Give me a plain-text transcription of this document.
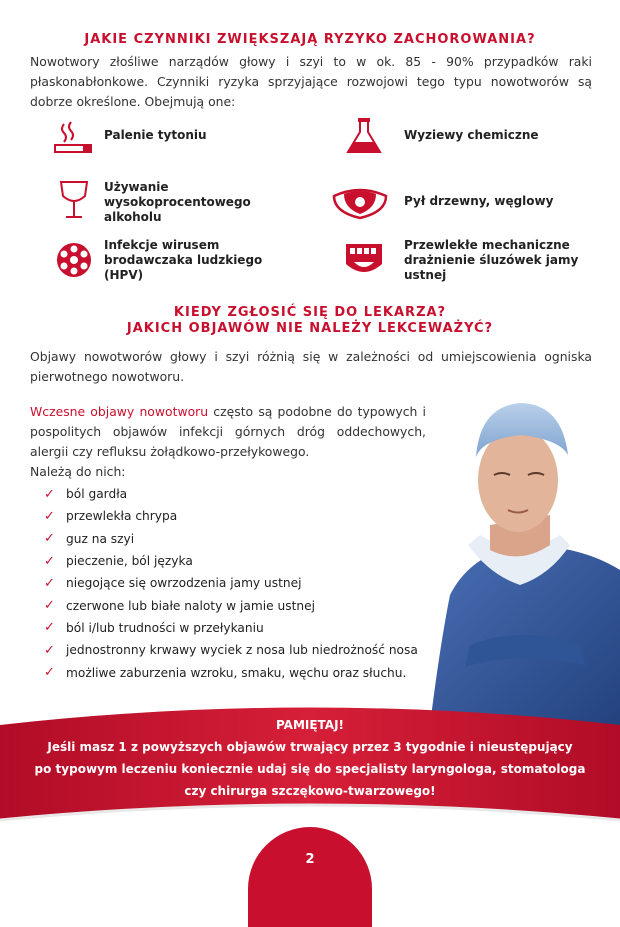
JAKIE CZYNNIKI ZWIĘKSZAJĄ RYZYKO ZACHOROWANIA?

Nowotwory złośliwe narządów głowy i szyi to w ok. 85 - 90% przypadków raki płaskonabłonkowe. Czynniki ryzyka sprzyjające rozwojowi tego typu nowotworów są dobrze określone. Obejmują one:

Palenie tytoniu	Wyziewy chemiczne

Używanie wysokoprocentowego alkoholu

Pył drzewny, węglowy

Infekcje wirusem brodawczaka ludzkiego (HPV)

Przewlekłe mechaniczne drażnienie śluzówek jamy ustnej

KIEDY ZGŁOSIĆ SIĘ DO LEKARZA?
JAKICH OBJAWÓW NIE NALEŻY LEKCEWAŻYĆ?

Objawy nowotworów głowy i szyi różnią się w zależności od umiejscowienia ogniska pierwotnego nowotworu.

Wczesne objawy nowotworu często są podobne do typowych i pospolitych objawów infekcji górnych dróg oddechowych, alergii czy refluksu żołądkowo-przełykowego.

Należą do nich:

✓ ból gardła
✓ przewlekła chrypa
✓ guz na szyi
✓ pieczenie, ból języka
✓ niegojące się owrzodzenia jamy ustnej
✓ czerwone lub białe naloty w jamie ustnej
✓ ból i/lub trudności w przełykaniu
✓ jednostronny krwawy wyciek z nosa lub niedrożność nosa
✓ możliwe zaburzenia wzroku, smaku, węchu oraz słuchu.

PAMIĘTAJ!

Jeśli masz 1 z powyższych objawów trwający przez 3 tygodnie i nieustępujący

po typowym leczeniu koniecznie udaj się do specjalisty laryngologa, stomatologa

czy chirurga szczękowo-twarzowego!

2
